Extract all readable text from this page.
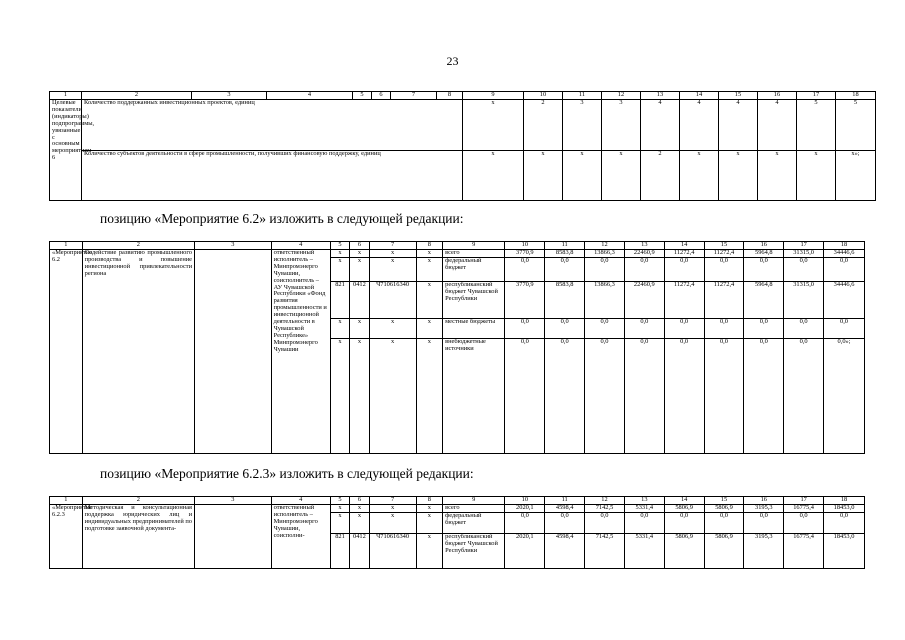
23
1	2	3	4	5	6	7	8	9	10	11	12	13	14	15	16	17	18
Целевые показатели (индикаторы) подпрограммы, увязанные с основным мероприятием 6	Количество поддержанных инвестиционных проектов, единиц							x	2	3	3	4	4	4	4	5	5
	Количество субъектов деятельности в сфере промышленности, получивших финансовую поддержку, единиц							x	x	x	x	2	x	x	x	x	x»;
позицию «Мероприятие 6.2» изложить в следующей редакции:
1	2	3	4	5	6	7	8	9	10	11	12	13	14	15	16	17	18
«Мероприятие 6.2	Содействие развитию промышленного производства и повышение инвестиционной привлекательности региона		ответственный исполнитель – Минпромэнерго Чувашии, соисполнитель – АУ Чувашской Республики «Фонд развития промышленности и инвестиционной деятельности в Чувашской Республике» Минпромэнерго Чувашии	x	x	x	x	всего	3770,9	8583,8	13866,3	22460,9	11272,4	11272,4	5964,8	31315,0	34446,6
				x	x	x	x	федеральный бюджет	0,0	0,0	0,0	0,0	0,0	0,0	0,0	0,0	0,0
				821	0412	Ч710616340	x	республиканский бюджет Чувашской Республики	3770,9	8583,8	13866,3	22460,9	11272,4	11272,4	5964,8	31315,0	34446,6
				x	x	x	x	местные бюджеты	0,0	0,0	0,0	0,0	0,0	0,0	0,0	0,0	0,0
				x	x	x	x	внебюджетные источники	0,0	0,0	0,0	0,0	0,0	0,0	0,0	0,0	0,0»;
позицию «Мероприятие 6.2.3» изложить в следующей редакции:
1	2	3	4	5	6	7	8	9	10	11	12	13	14	15	16	17	18
«Мероприятие 6.2.3	Методическая и консультационная поддержка юридических лиц и индивидуальных предпринимателей по подготовке заявочной документа-		ответственный исполнитель – Минпромэнерго Чувашии, соисполни-	x	x	x	x	всего	2020,1	4598,4	7142,5	5331,4	5806,9	5806,9	3195,3	16775,4	18453,0
				x	x	x	x	федеральный бюджет	0,0	0,0	0,0	0,0	0,0	0,0	0,0	0,0	0,0
				821	0412	Ч710616340	x	республиканский бюджет Чувашской Республики	2020,1	4598,4	7142,5	5331,4	5806,9	5806,9	3195,3	16775,4	18453,0
